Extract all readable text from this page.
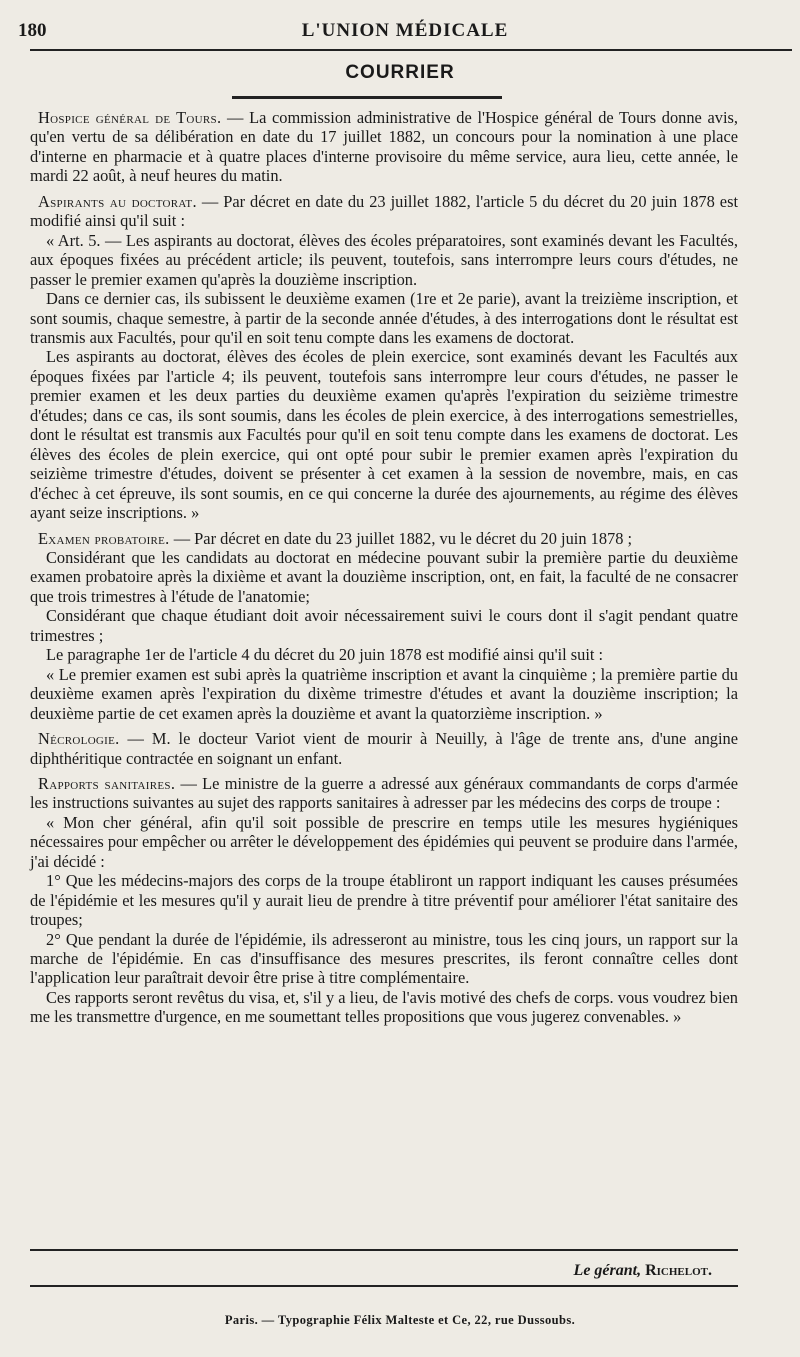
180	L'UNION MÉDICALE
COURRIER

Hospice général de Tours. — La commission administrative de l'Hospice général de Tours donne avis, qu'en vertu de sa délibération en date du 17 juillet 1882, un concours pour la nomination à une place d'interne en pharmacie et à quatre places d'interne provisoire du même service, aura lieu, cette année, le mardi 22 août, à neuf heures du matin.

Aspirants au doctorat. — Par décret en date du 23 juillet 1882, l'article 5 du décret du 20 juin 1878 est modifié ainsi qu'il suit :

« Art. 5. — Les aspirants au doctorat, élèves des écoles préparatoires, sont examinés devant les Facultés, aux époques fixées au précédent article; ils peuvent, toutefois, sans interrompre leurs cours d'études, ne passer le premier examen qu'après la douzième inscription.

Dans ce dernier cas, ils subissent le deuxième examen (1re et 2e parie), avant la treizième inscription, et sont soumis, chaque semestre, à partir de la seconde année d'études, à des interrogations dont le résultat est transmis aux Facultés, pour qu'il en soit tenu compte dans les examens de doctorat.

Les aspirants au doctorat, élèves des écoles de plein exercice, sont examinés devant les Facultés aux époques fixées par l'article 4; ils peuvent, toutefois sans interrompre leur cours d'études, ne passer le premier examen et les deux parties du deuxième examen qu'après l'expiration du seizième trimestre d'études; dans ce cas, ils sont soumis, dans les écoles de plein exercice, à des interrogations semestrielles, dont le résultat est transmis aux Facultés pour qu'il en soit tenu compte dans les examens de doctorat. Les élèves des écoles de plein exercice, qui ont opté pour subir le premier examen après l'expiration du seizième trimestre d'études, doivent se présenter à cet examen à la session de novembre, mais, en cas d'échec à cet épreuve, ils sont soumis, en ce qui concerne la durée des ajournements, au régime des élèves ayant seize inscriptions. »

Examen probatoire. — Par décret en date du 23 juillet 1882, vu le décret du 20 juin 1878 ;

Considérant que les candidats au doctorat en médecine pouvant subir la première partie du deuxième examen probatoire après la dixième et avant la douzième inscription, ont, en fait, la faculté de ne consacrer que trois trimestres à l'étude de l'anatomie;

Considérant que chaque étudiant doit avoir nécessairement suivi le cours dont il s'agit pendant quatre trimestres ;

Le paragraphe 1er de l'article 4 du décret du 20 juin 1878 est modifié ainsi qu'il suit :

« Le premier examen est subi après la quatrième inscription et avant la cinquième ; la première partie du deuxième examen après l'expiration du dixème trimestre d'études et avant la douzième inscription; la deuxième partie de cet examen après la douzième et avant la quatorzième inscription. »

Nécrologie. — M. le docteur Variot vient de mourir à Neuilly, à l'âge de trente ans, d'une angine diphthéritique contractée en soignant un enfant.

Rapports sanitaires. — Le ministre de la guerre a adressé aux généraux commandants de corps d'armée les instructions suivantes au sujet des rapports sanitaires à adresser par les médecins des corps de troupe :

« Mon cher général, afin qu'il soit possible de prescrire en temps utile les mesures hygiéniques nécessaires pour empêcher ou arrêter le développement des épidémies qui peuvent se produire dans l'armée, j'ai décidé :

1° Que les médecins-majors des corps de la troupe établiront un rapport indiquant les causes présumées de l'épidémie et les mesures qu'il y aurait lieu de prendre à titre préventif pour améliorer l'état sanitaire des troupes;

2° Que pendant la durée de l'épidémie, ils adresseront au ministre, tous les cinq jours, un rapport sur la marche de l'épidémie. En cas d'insuffisance des mesures prescrites, ils feront connaître celles dont l'application leur paraîtrait devoir être prise à titre complémentaire.

Ces rapports seront revêtus du visa, et, s'il y a lieu, de l'avis motivé des chefs de corps. vous voudrez bien me les transmettre d'urgence, en me soumettant telles propositions que vous jugerez convenables. »

Le gérant, Richelot.
Paris. — Typographie Félix Malteste et Ce, 22, rue Dussoubs.
